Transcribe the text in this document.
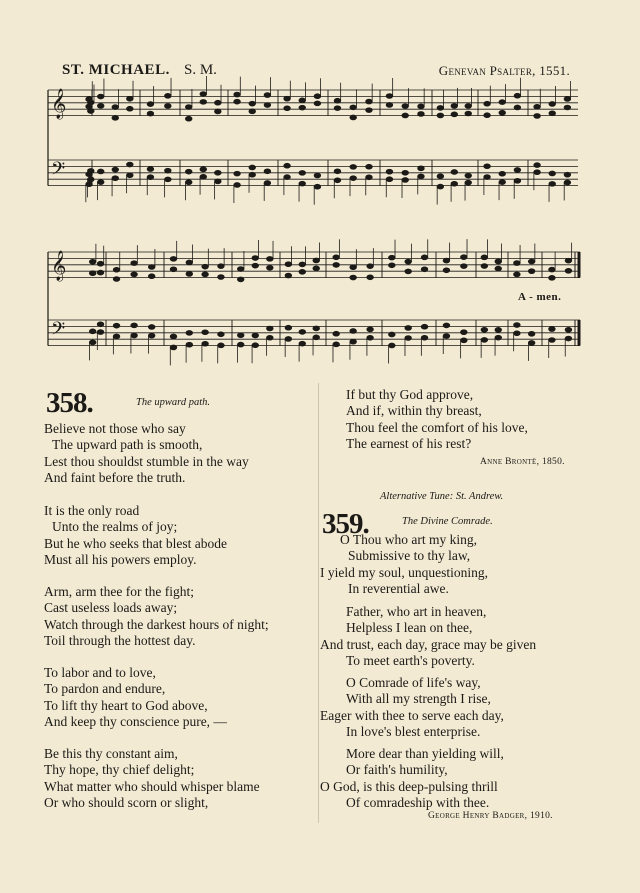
ST. MICHAEL. S. M.	Genevan Psalter, 1551.
𝄞
𝄢
𝄞
𝄢
A - men.
358.	The upward path.
Believe not those who say
The upward path is smooth,
Lest thou shouldst stumble in the way
And faint before the truth.
It is the only road
Unto the realms of joy;
But he who seeks that blest abode
Must all his powers employ.
Arm, arm thee for the fight;
Cast useless loads away;
Watch through the darkest hours of night;
Toil through the hottest day.
To labor and to love,
To pardon and endure,
To lift thy heart to God above,
And keep thy conscience pure, —
Be this thy constant aim,
Thy hope, thy chief delight;
What matter who should whisper blame
Or who should scorn or slight,
If but thy God approve,
And if, within thy breast,
Thou feel the comfort of his love,
The earnest of his rest?
Anne Brontë, 1850.
Alternative Tune: St. Andrew.
359.	The Divine Comrade.
O Thou who art my king,
Submissive to thy law,
I yield my soul, unquestioning,
In reverential awe.
Father, who art in heaven,
Helpless I lean on thee,
And trust, each day, grace may be given
To meet earth's poverty.
O Comrade of life's way,
With all my strength I rise,
Eager with thee to serve each day,
In love's blest enterprise.
More dear than yielding will,
Or faith's humility,
O God, is this deep-pulsing thrill
Of comradeship with thee.
George Henry Badger, 1910.
